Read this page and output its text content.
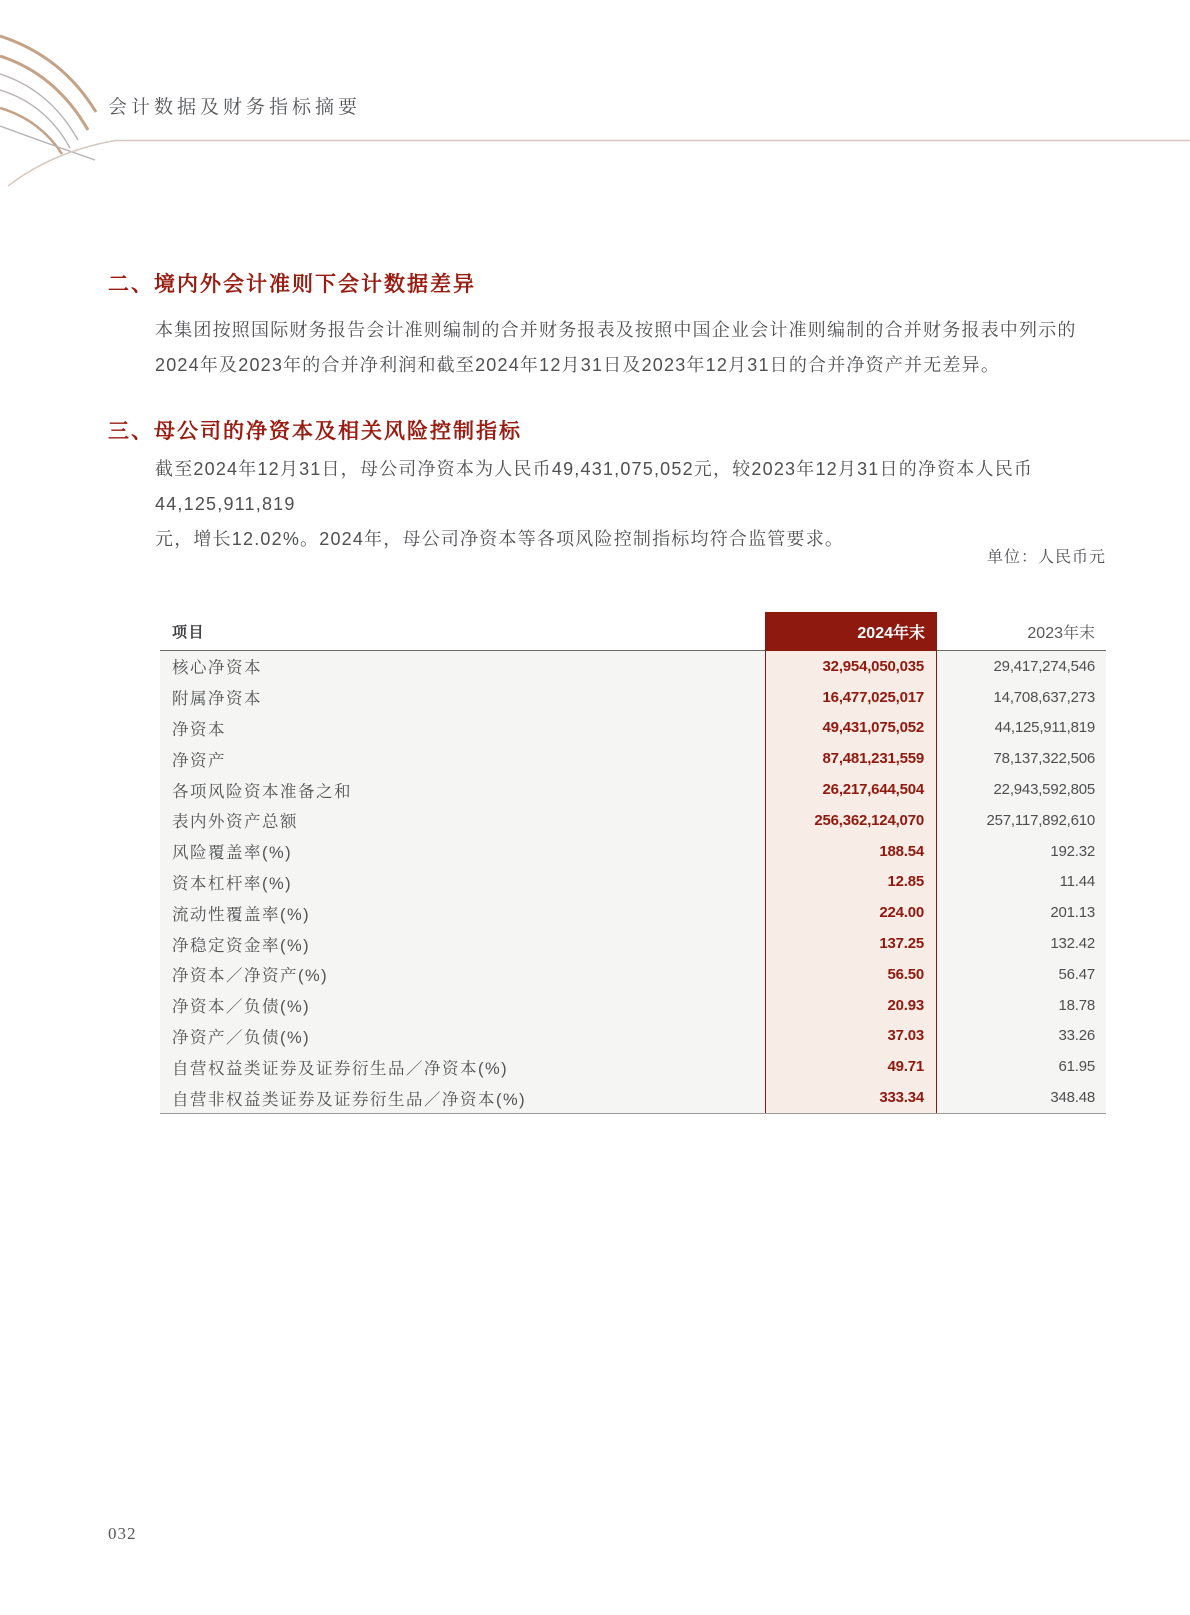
会计数据及财务指标摘要
二、境内外会计准则下会计数据差异
本集团按照国际财务报告会计准则编制的合并财务报表及按照中国企业会计准则编制的合并财务报表中列示的
2024年及2023年的合并净利润和截至2024年12月31日及2023年12月31日的合并净资产并无差异。
三、母公司的净资本及相关风险控制指标
截至2024年12月31日，母公司净资本为人民币49,431,075,052元，较2023年12月31日的净资本人民币44,125,911,819
元，增长12.02%。2024年，母公司净资本等各项风险控制指标均符合监管要求。
单位：人民币元
项目	2024年末	2023年末
核心净资本	32,954,050,035	29,417,274,546
附属净资本	16,477,025,017	14,708,637,273
净资本	49,431,075,052	44,125,911,819
净资产	87,481,231,559	78,137,322,506
各项风险资本准备之和	26,217,644,504	22,943,592,805
表内外资产总额	256,362,124,070	257,117,892,610
风险覆盖率(%)	188.54	192.32
资本杠杆率(%)	12.85	11.44
流动性覆盖率(%)	224.00	201.13
净稳定资金率(%)	137.25	132.42
净资本／净资产(%)	56.50	56.47
净资本／负债(%)	20.93	18.78
净资产／负债(%)	37.03	33.26
自营权益类证券及证券衍生品／净资本(%)	49.71	61.95
自营非权益类证券及证券衍生品／净资本(%)	333.34	348.48
032
